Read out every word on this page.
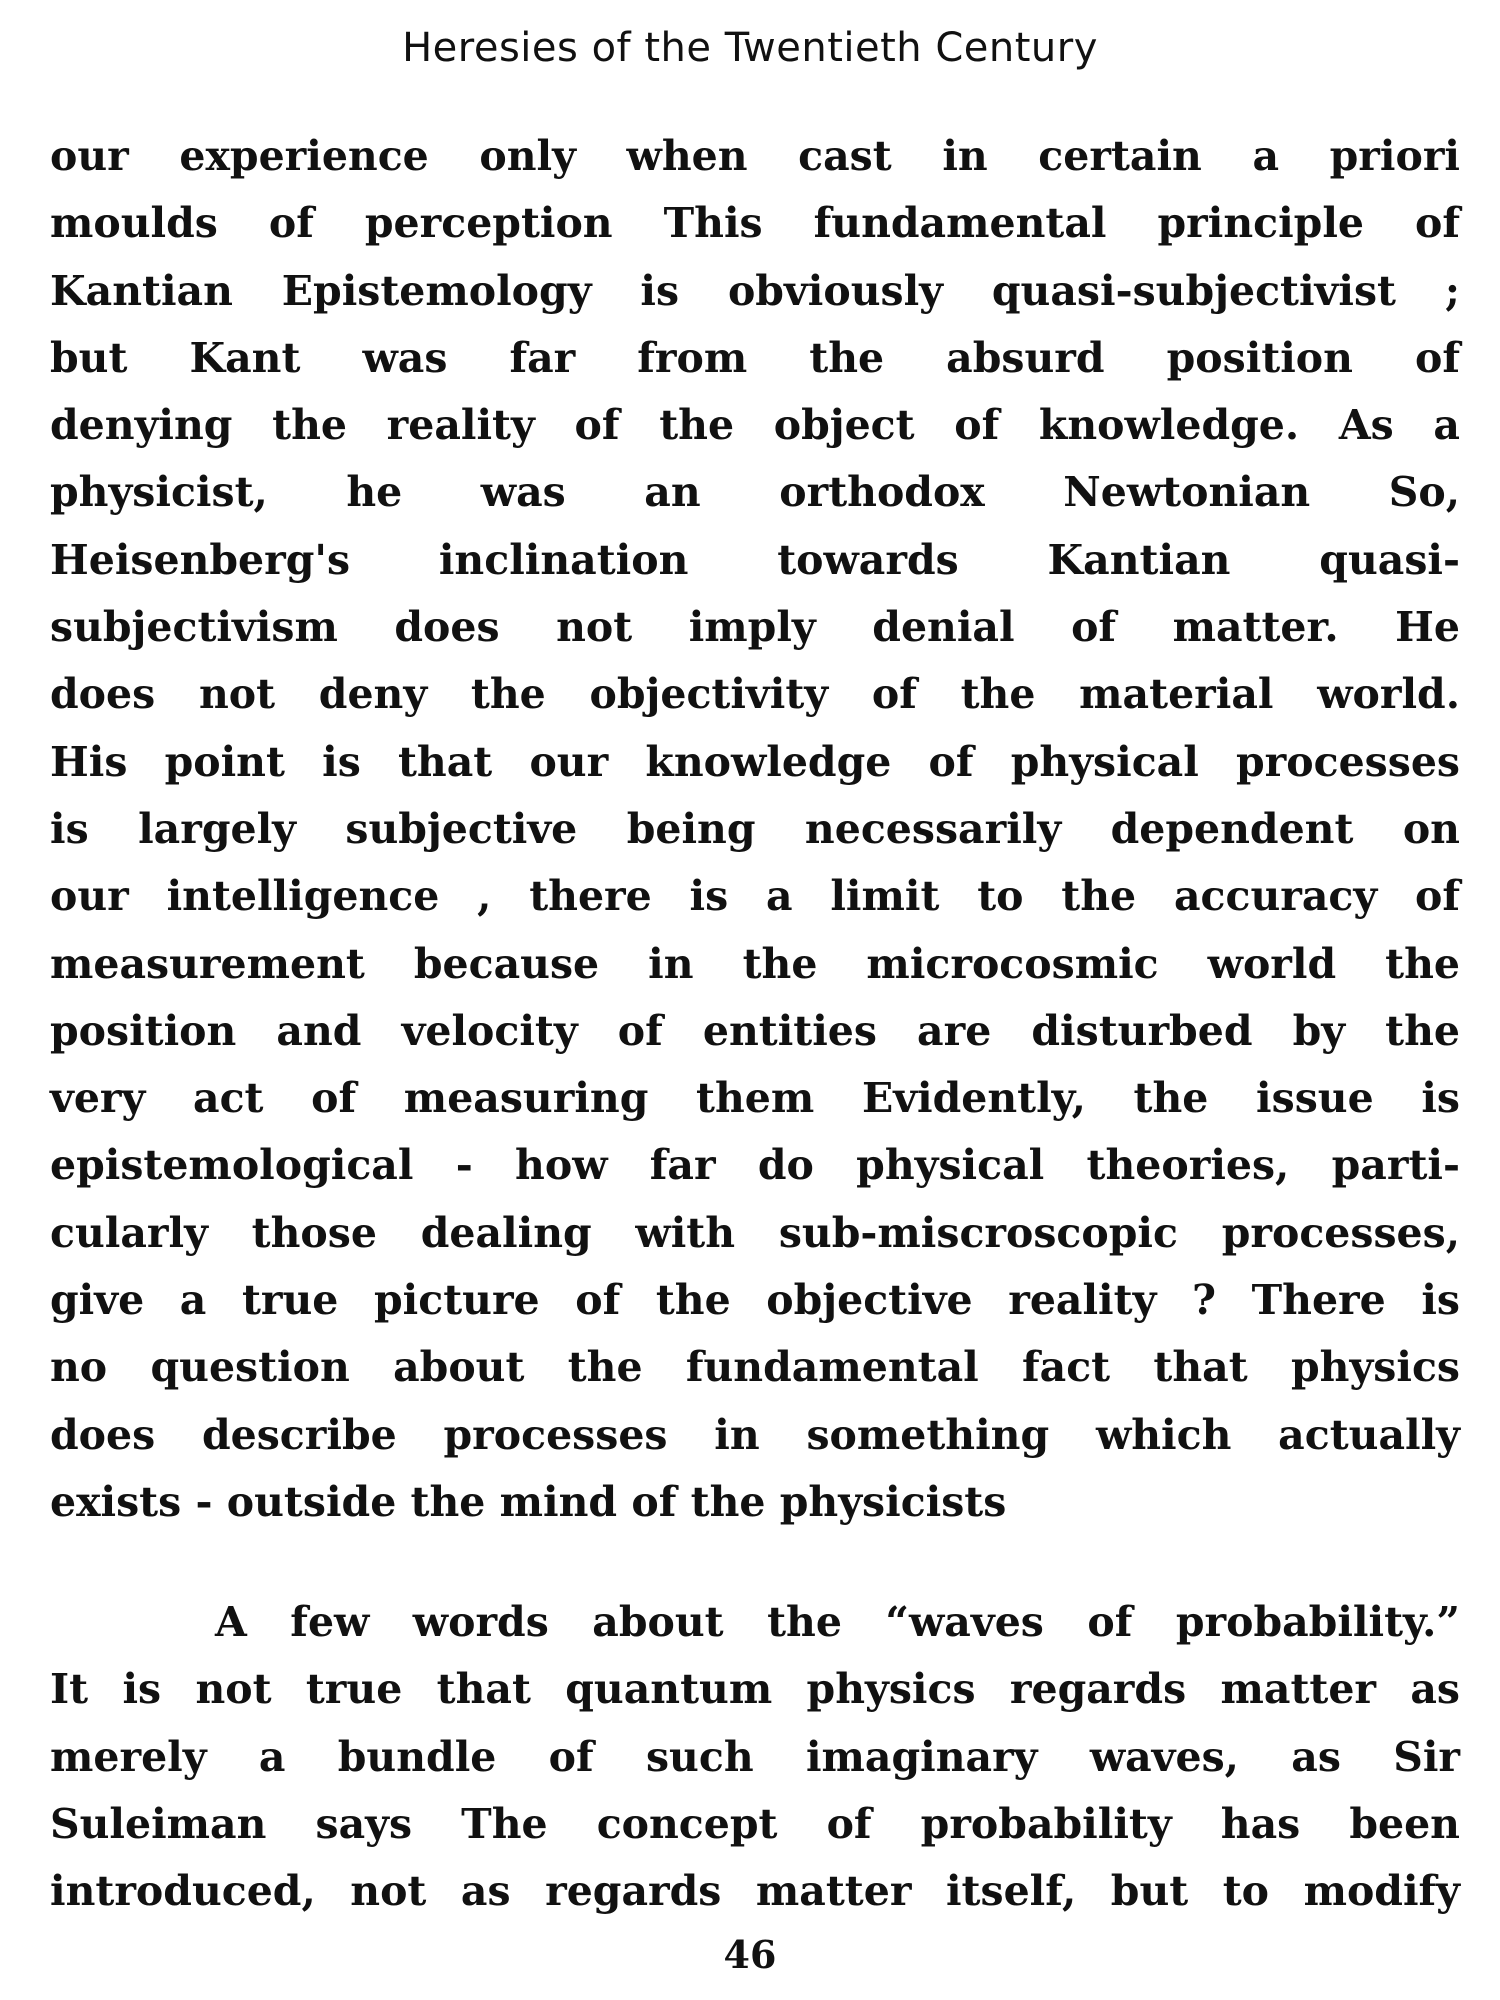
Heresies of the Twentieth Century
our experience only when cast in certain a priori
moulds of perception This fundamental principle of
Kantian Epistemology is obviously quasi-subjectivist ;
but Kant was far from the absurd position of
denying the reality of the object of knowledge. As a
physicist, he was an orthodox Newtonian So,
Heisenberg's inclination towards Kantian quasi-
subjectivism does not imply denial of matter. He
does not deny the objectivity of the material world.
His point is that our knowledge of physical processes
is largely subjective being necessarily dependent on
our intelligence , there is a limit to the accuracy of
measurement because in the microcosmic world the
position and velocity of entities are disturbed by the
very act of measuring them Evidently, the issue is
epistemological - how far do physical theories, parti-
cularly those dealing with sub-miscroscopic processes,
give a true picture of the objective reality ? There is
no question about the fundamental fact that physics
does describe processes in something which actually
exists - outside the mind of the physicists
A few words about the “waves of probability.”
It is not true that quantum physics regards matter as
merely a bundle of such imaginary waves, as Sir
Suleiman says The concept of probability has been
introduced, not as regards matter itself, but to modify
46
